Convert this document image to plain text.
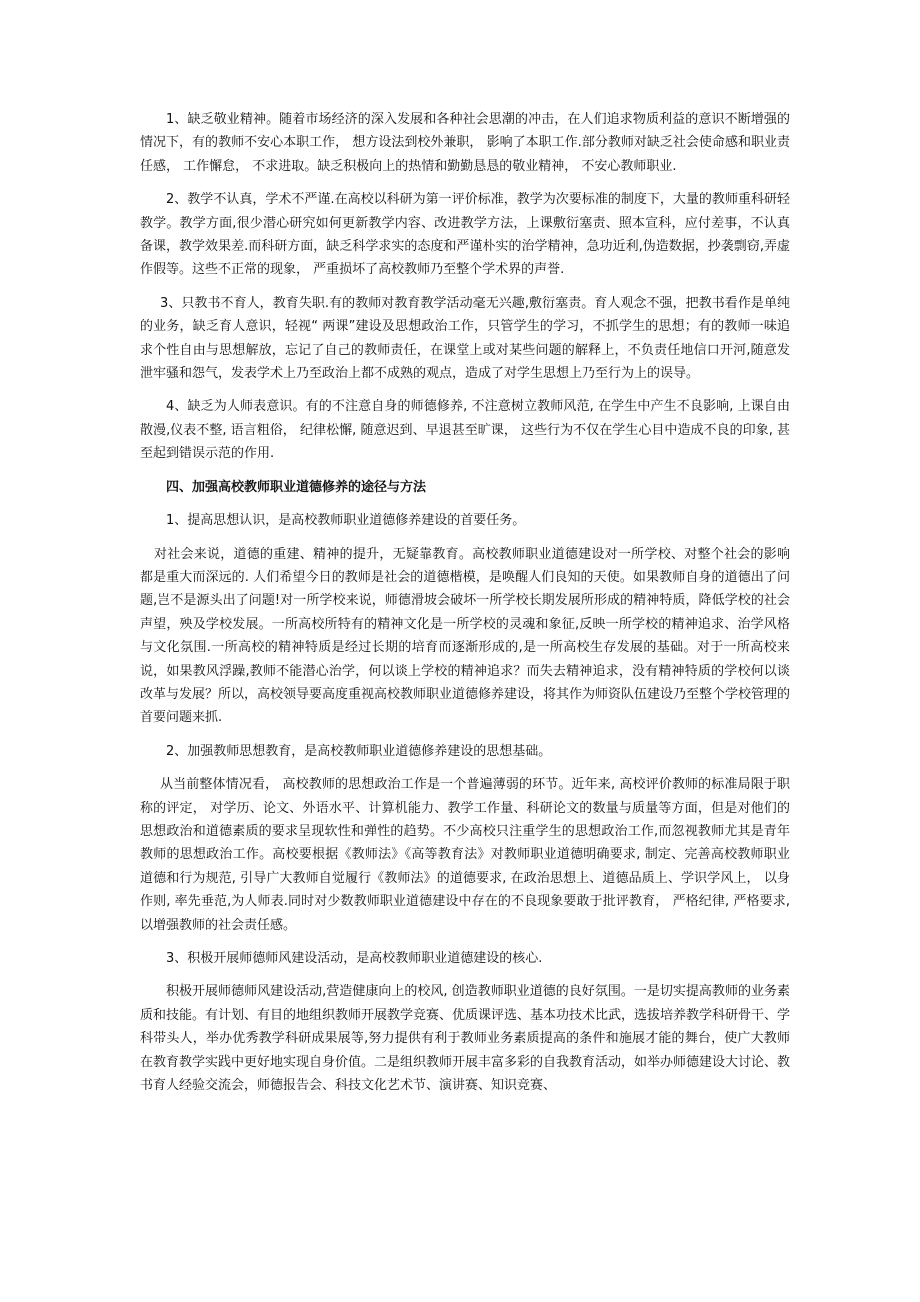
1、缺乏敬业精神。随着市场经济的深入发展和各种社会思潮的冲击，在人们追求物质利益的意识不断增强的情况下，有的教师不安心本职工作， 想方设法到校外兼职， 影响了本职工作.部分教师对缺乏社会使命感和职业责任感， 工作懈怠， 不求进取。缺乏积极向上的热情和勤勤恳恳的敬业精神， 不安心教师职业.

2、教学不认真，学术不严谨.在高校以科研为第一评价标准，教学为次要标准的制度下，大量的教师重科研轻教学。教学方面,很少潜心研究如何更新教学内容、改进教学方法，上课敷衍塞责、照本宣科，应付差事，不认真备课，教学效果差.而科研方面，缺乏科学求实的态度和严谨朴实的治学精神，急功近利,伪造数据，抄袭剽窃,弄虚作假等。这些不正常的现象， 严重损坏了高校教师乃至整个学术界的声誉.

3、只教书不育人，教育失职.有的教师对教育教学活动毫无兴趣,敷衍塞责。育人观念不强，把教书看作是单纯的业务，缺乏育人意识，轻视“ 两课”建设及思想政治工作，只管学生的学习，不抓学生的思想；有的教师一味追求个性自由与思想解放，忘记了自己的教师责任，在课堂上或对某些问题的解释上，不负责任地信口开河,随意发泄牢骚和怨气，发表学术上乃至政治上都不成熟的观点，造成了对学生思想上乃至行为上的误导。

4、缺乏为人师表意识。有的不注意自身的师德修养, 不注意树立教师风范, 在学生中产生不良影响, 上课自由散漫,仪表不整, 语言粗俗， 纪律松懈, 随意迟到、早退甚至旷课， 这些行为不仅在学生心目中造成不良的印象, 甚至起到错误示范的作用.

四、加强高校教师职业道德修养的途径与方法

1、提高思想认识，是高校教师职业道德修养建设的首要任务。

对社会来说，道德的重建、精神的提升，无疑靠教育。高校教师职业道德建设对一所学校、对整个社会的影响都是重大而深远的. 人们希望今日的教师是社会的道德楷模，是唤醒人们良知的天使。如果教师自身的道德出了问题,岂不是源头出了问题!对一所学校来说，师德滑坡会破坏一所学校长期发展所形成的精神特质，降低学校的社会声望，殃及学校发展。一所高校所特有的精神文化是一所学校的灵魂和象征,反映一所学校的精神追求、治学风格与文化氛围.一所高校的精神特质是经过长期的培育而逐渐形成的,是一所高校生存发展的基础。对于一所高校来说，如果教风浮躁,教师不能潜心治学，何以谈上学校的精神追求？而失去精神追求，没有精神特质的学校何以谈改革与发展？所以，高校领导要高度重视高校教师职业道德修养建设，将其作为师资队伍建设乃至整个学校管理的首要问题来抓.

2、加强教师思想教育，是高校教师职业道德修养建设的思想基础。

从当前整体情况看， 高校教师的思想政治工作是一个普遍薄弱的环节。近年来, 高校评价教师的标准局限于职称的评定， 对学历、论文、外语水平、计算机能力、教学工作量、科研论文的数量与质量等方面，但是对他们的思想政治和道德素质的要求呈现软性和弹性的趋势。不少高校只注重学生的思想政治工作,而忽视教师尤其是青年教师的思想政治工作。高校要根据《教师法》《高等教育法》对教师职业道德明确要求, 制定、完善高校教师职业道德和行为规范, 引导广大教师自觉履行《教师法》的道德要求, 在政治思想上、道德品质上、学识学风上， 以身作则, 率先垂范,为人师表.同时对少数教师职业道德建设中存在的不良现象要敢于批评教育， 严格纪律, 严格要求,以增强教师的社会责任感。

3、积极开展师德师风建设活动，是高校教师职业道德建设的核心.

积极开展师德师风建设活动,营造健康向上的校风, 创造教师职业道德的良好氛围。一是切实提高教师的业务素质和技能。有计划、有目的地组织教师开展教学竞赛、优质课评选、基本功技术比武，选拔培养教学科研骨干、学科带头人，举办优秀教学科研成果展等,努力提供有利于教师业务素质提高的条件和施展才能的舞台，使广大教师在教育教学实践中更好地实现自身价值。二是组织教师开展丰富多彩的自我教育活动，如举办师德建设大讨论、教书育人经验交流会，师德报告会、科技文化艺术节、演讲赛、知识竞赛、
